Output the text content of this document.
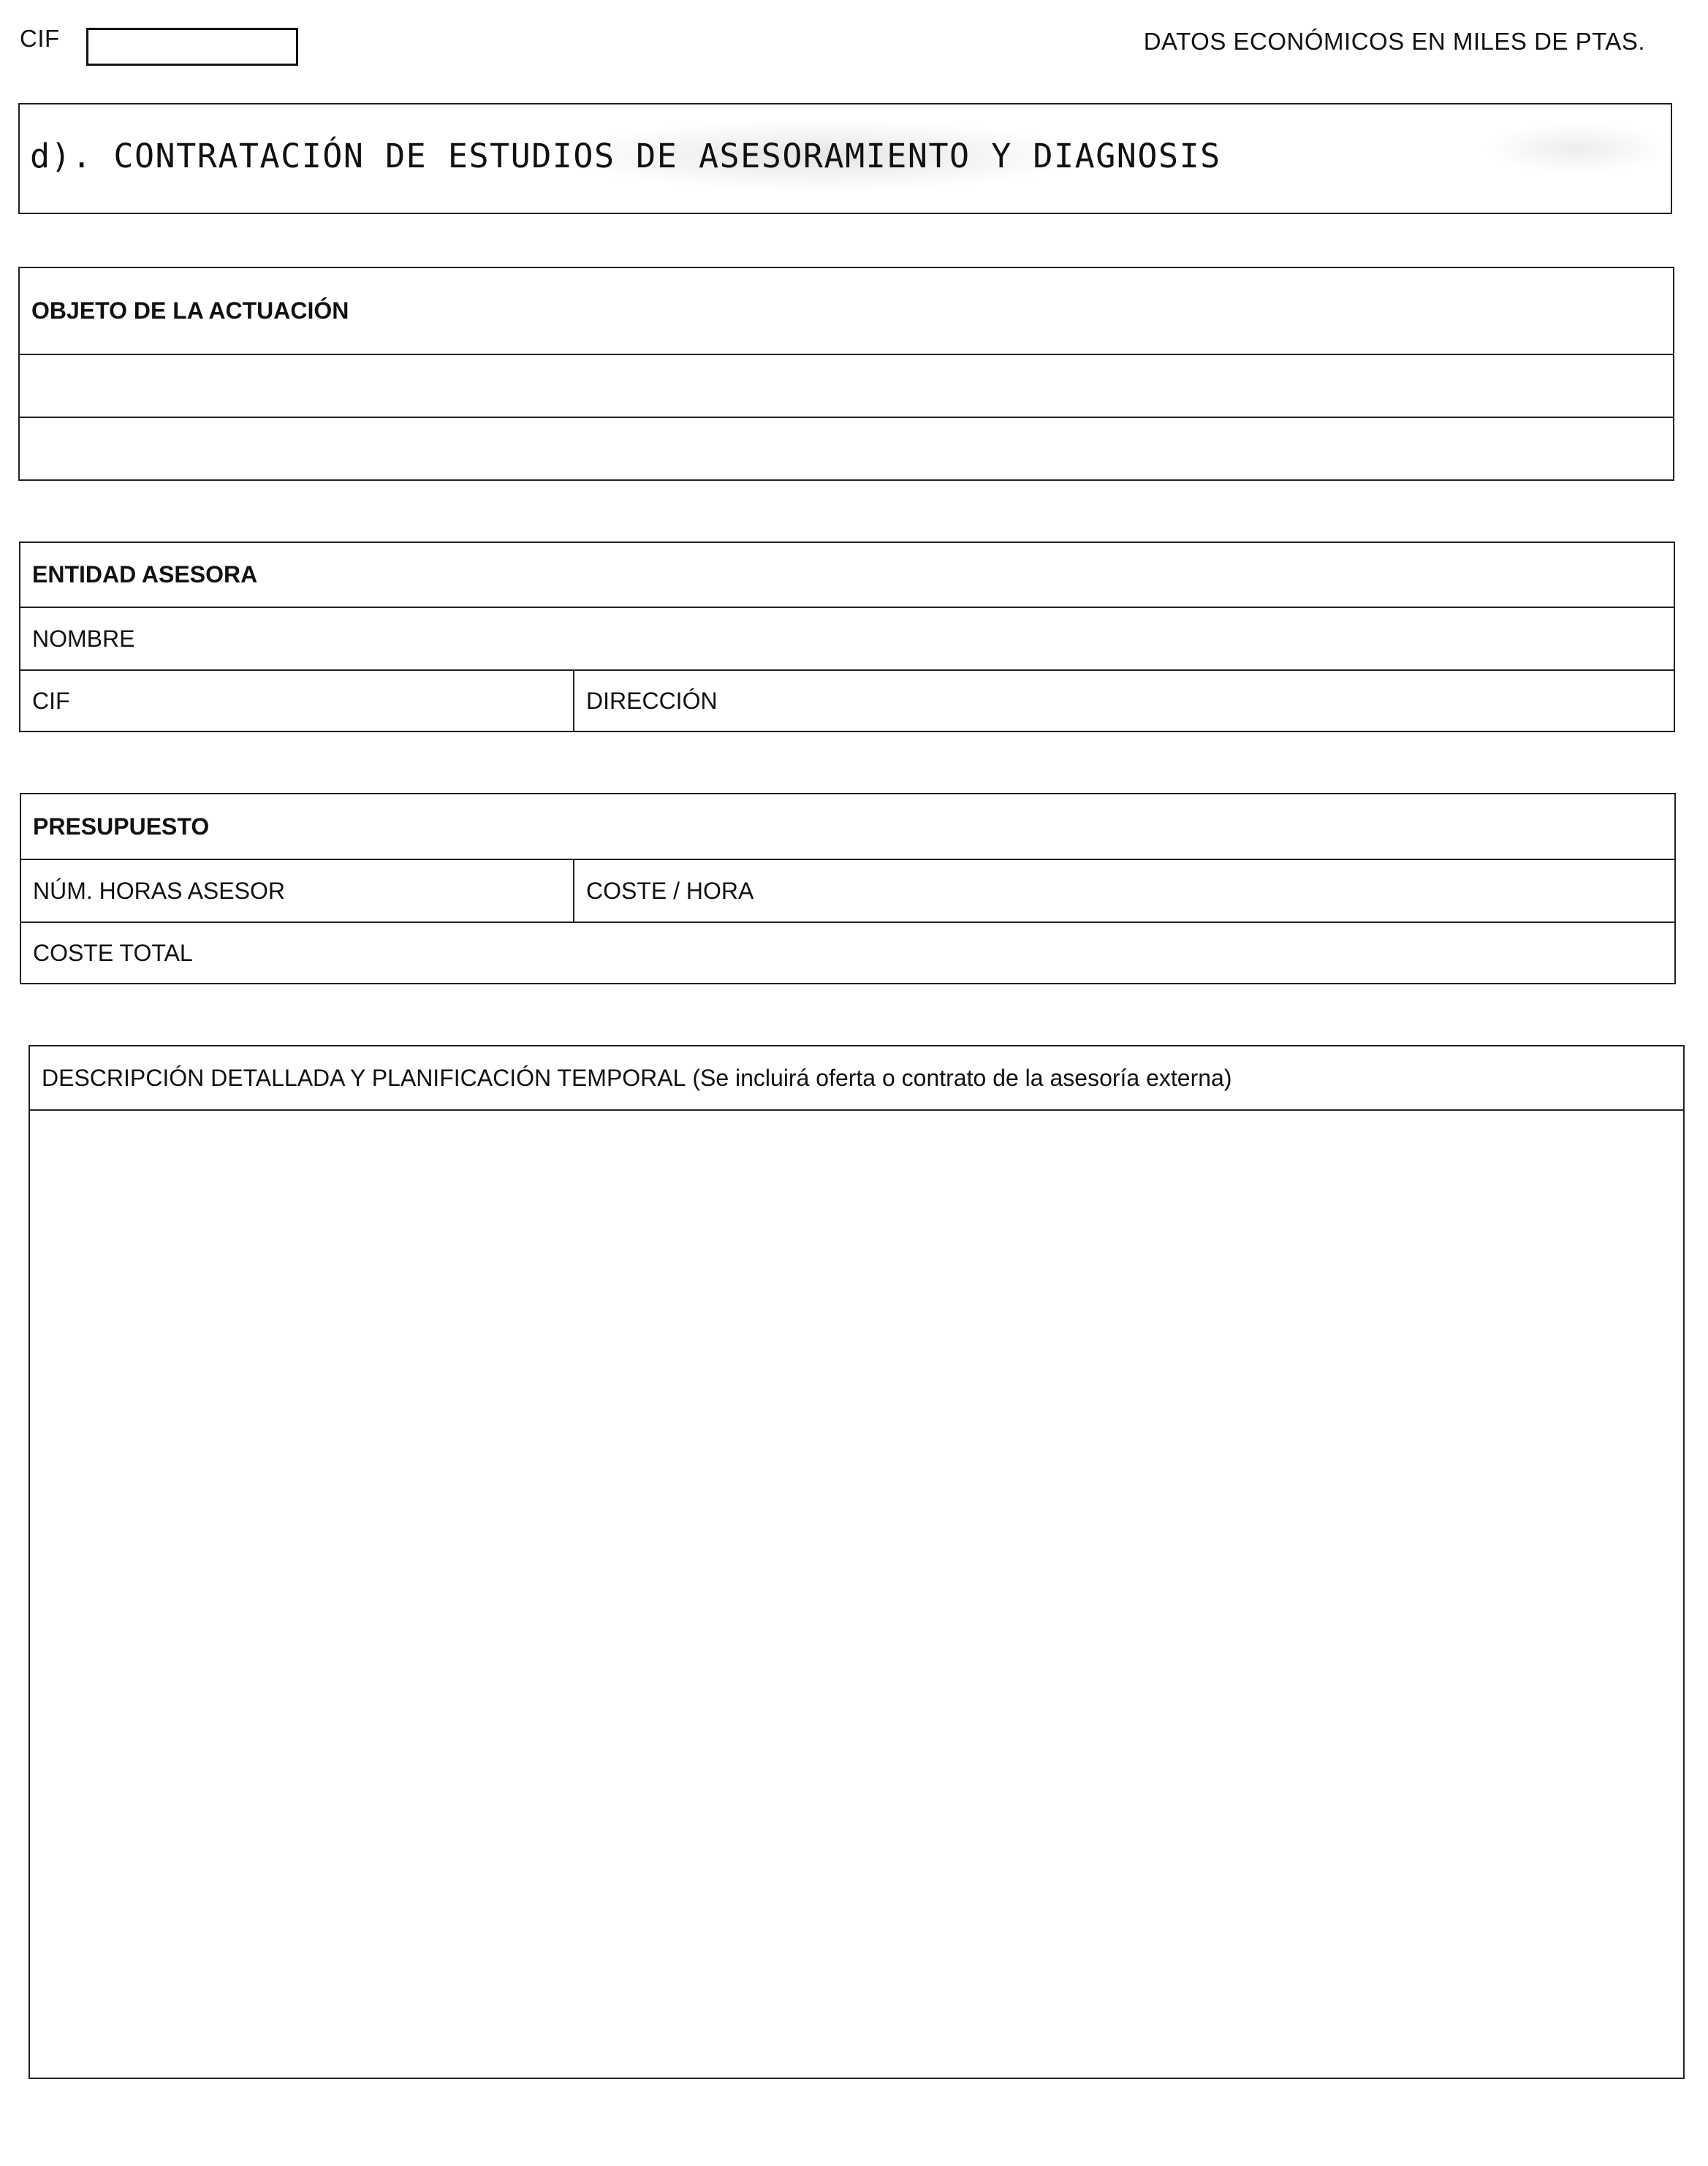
CIF	DATOS ECONÓMICOS EN MILES DE PTAS.
d). CONTRATACIÓN DE ESTUDIOS DE ASESORAMIENTO Y DIAGNOSIS
OBJETO DE LA ACTUACIÓN
ENTIDAD ASESORA
NOMBRE
CIF	DIRECCIÓN
PRESUPUESTO
NÚM. HORAS ASESOR	COSTE / HORA
COSTE TOTAL
DESCRIPCIÓN DETALLADA Y PLANIFICACIÓN TEMPORAL
(Se incluirá oferta o contrato de la asesoría externa)
